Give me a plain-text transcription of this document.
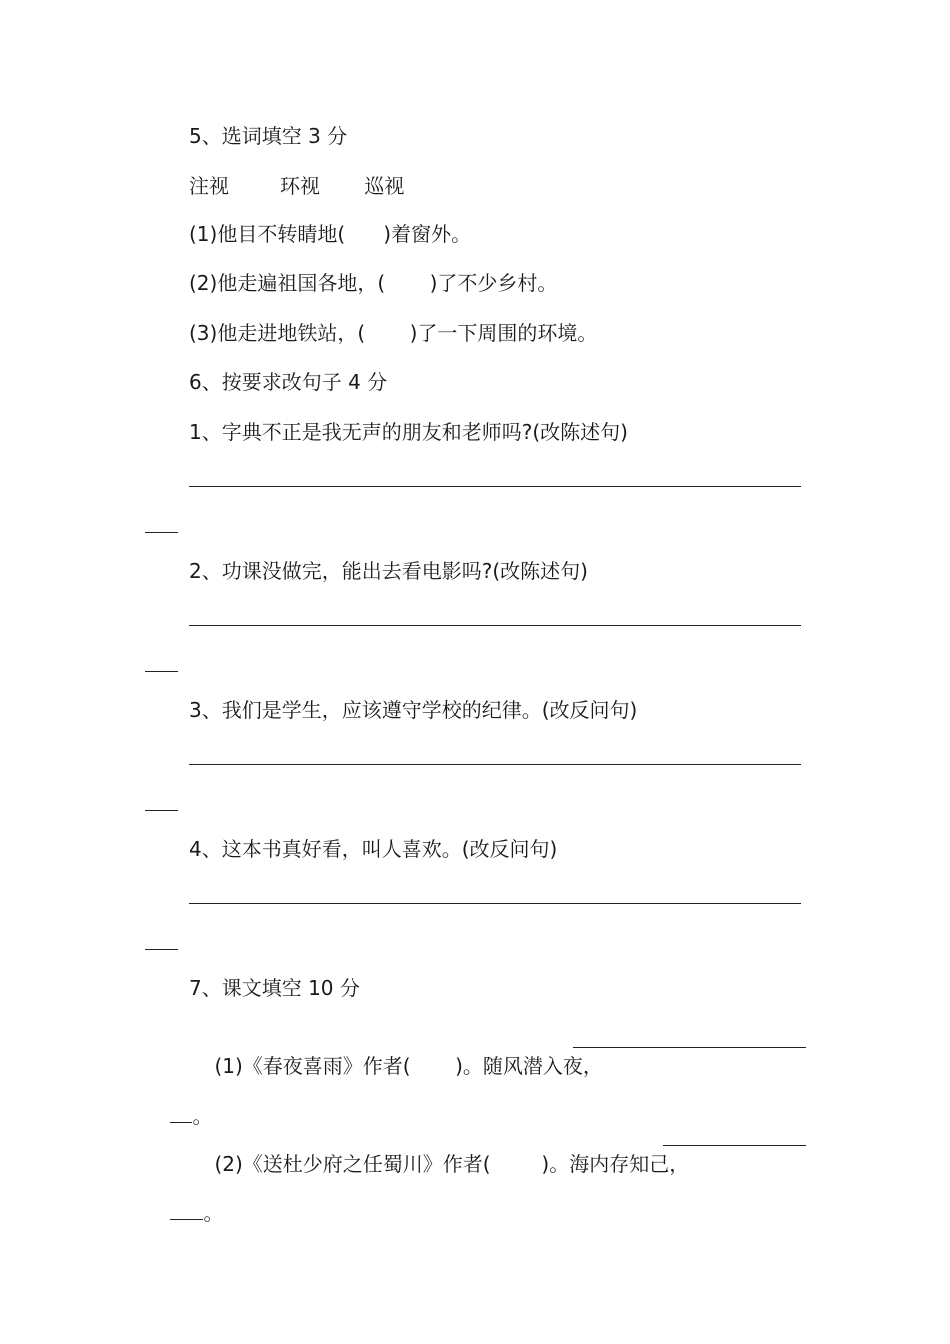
5、选词填空 3 分
注视        环视       巡视
(1)他目不转睛地(      )着窗外。
(2)他走遍祖国各地，(       )了不少乡村。
(3)他走进地铁站，(       )了一下周围的环境。
6、按要求改句子 4 分
1、字典不正是我无声的朋友和老师吗?(改陈述句)
2、功课没做完，能出去看电影吗?(改陈述句)
3、我们是学生，应该遵守学校的纪律。(改反问句)
4、这本书真好看，叫人喜欢。(改反问句)
7、课文填空 10 分

(1)《春夜喜雨》作者(       )。随风潜入夜，

。

(2)《送杜少府之任蜀川》作者(        )。海内存知己，

。
